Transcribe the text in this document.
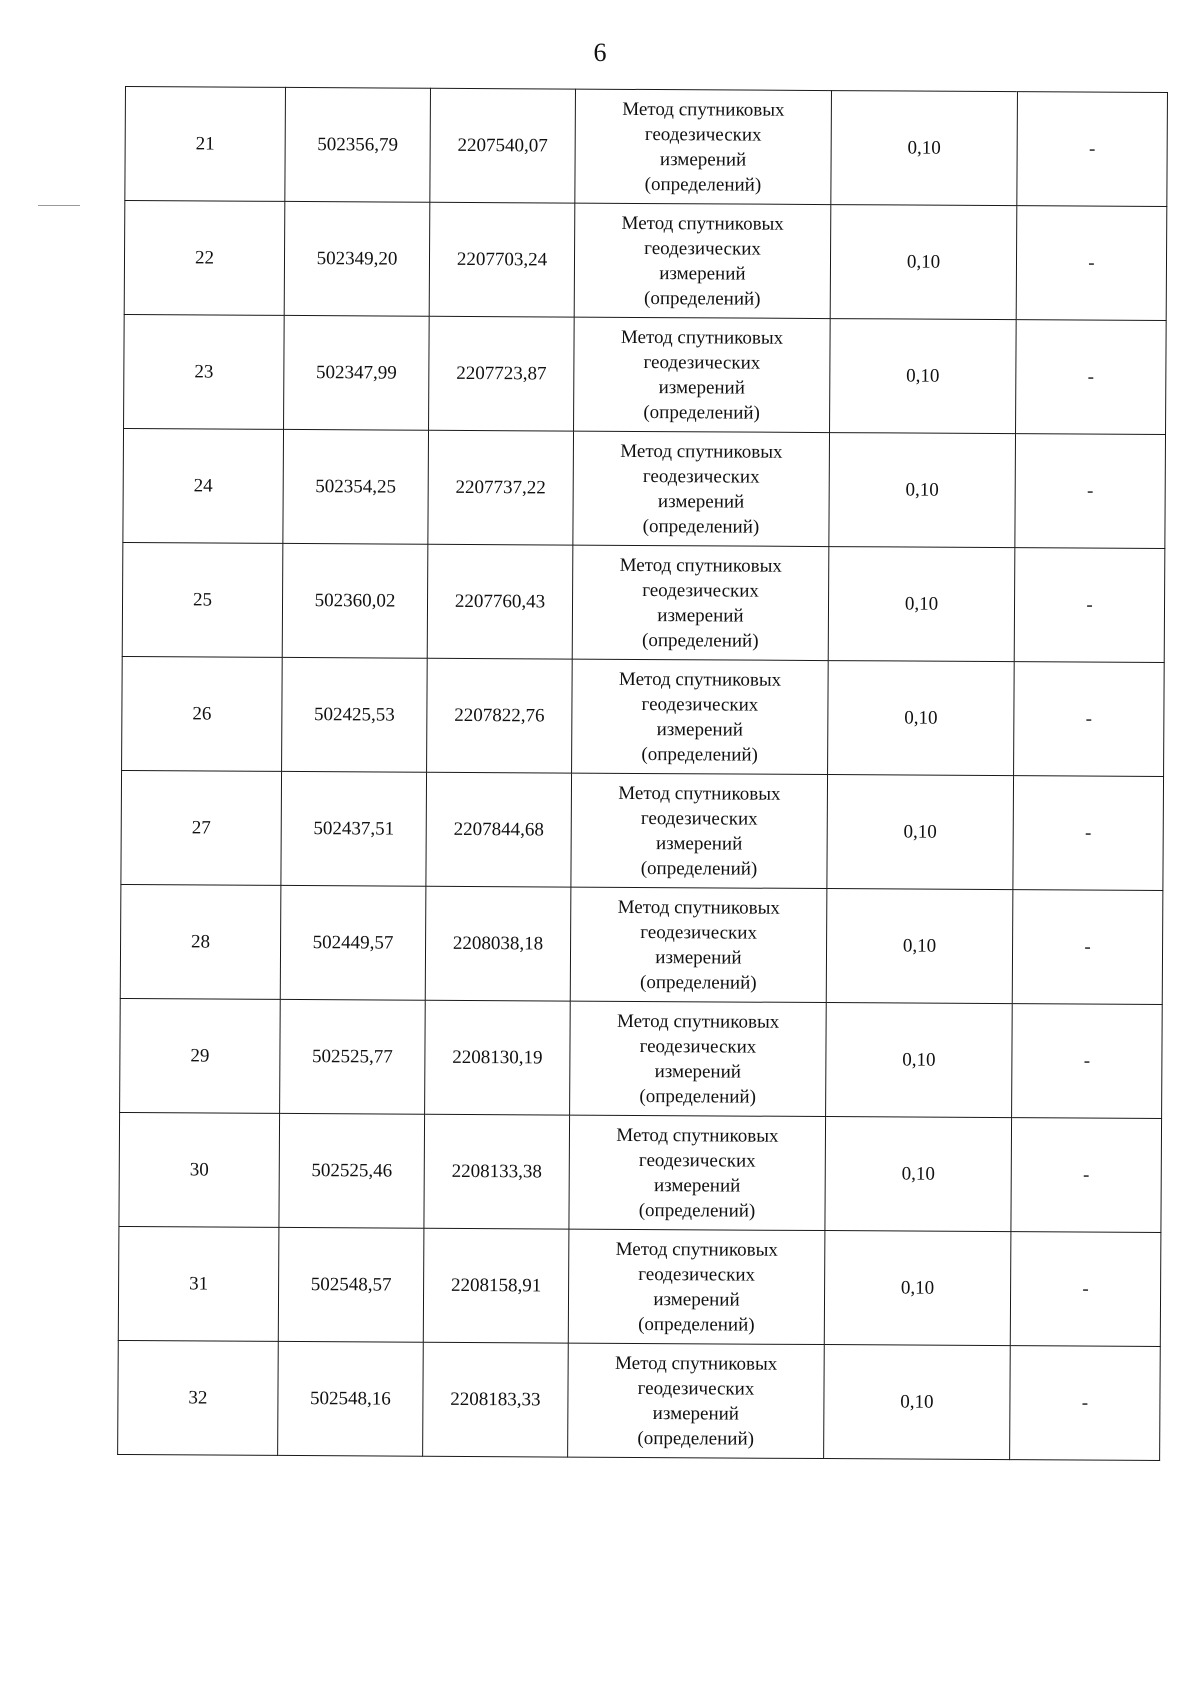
6
21	502356,79	2207540,07	Метод спутниковых
геодезических
измерений
(определений)	0,10	-
22	502349,20	2207703,24	Метод спутниковых
геодезических
измерений
(определений)	0,10	-
23	502347,99	2207723,87	Метод спутниковых
геодезических
измерений
(определений)	0,10	-
24	502354,25	2207737,22	Метод спутниковых
геодезических
измерений
(определений)	0,10	-
25	502360,02	2207760,43	Метод спутниковых
геодезических
измерений
(определений)	0,10	-
26	502425,53	2207822,76	Метод спутниковых
геодезических
измерений
(определений)	0,10	-
27	502437,51	2207844,68	Метод спутниковых
геодезических
измерений
(определений)	0,10	-
28	502449,57	2208038,18	Метод спутниковых
геодезических
измерений
(определений)	0,10	-
29	502525,77	2208130,19	Метод спутниковых
геодезических
измерений
(определений)	0,10	-
30	502525,46	2208133,38	Метод спутниковых
геодезических
измерений
(определений)	0,10	-
31	502548,57	2208158,91	Метод спутниковых
геодезических
измерений
(определений)	0,10	-
32	502548,16	2208183,33	Метод спутниковых
геодезических
измерений
(определений)	0,10	-
